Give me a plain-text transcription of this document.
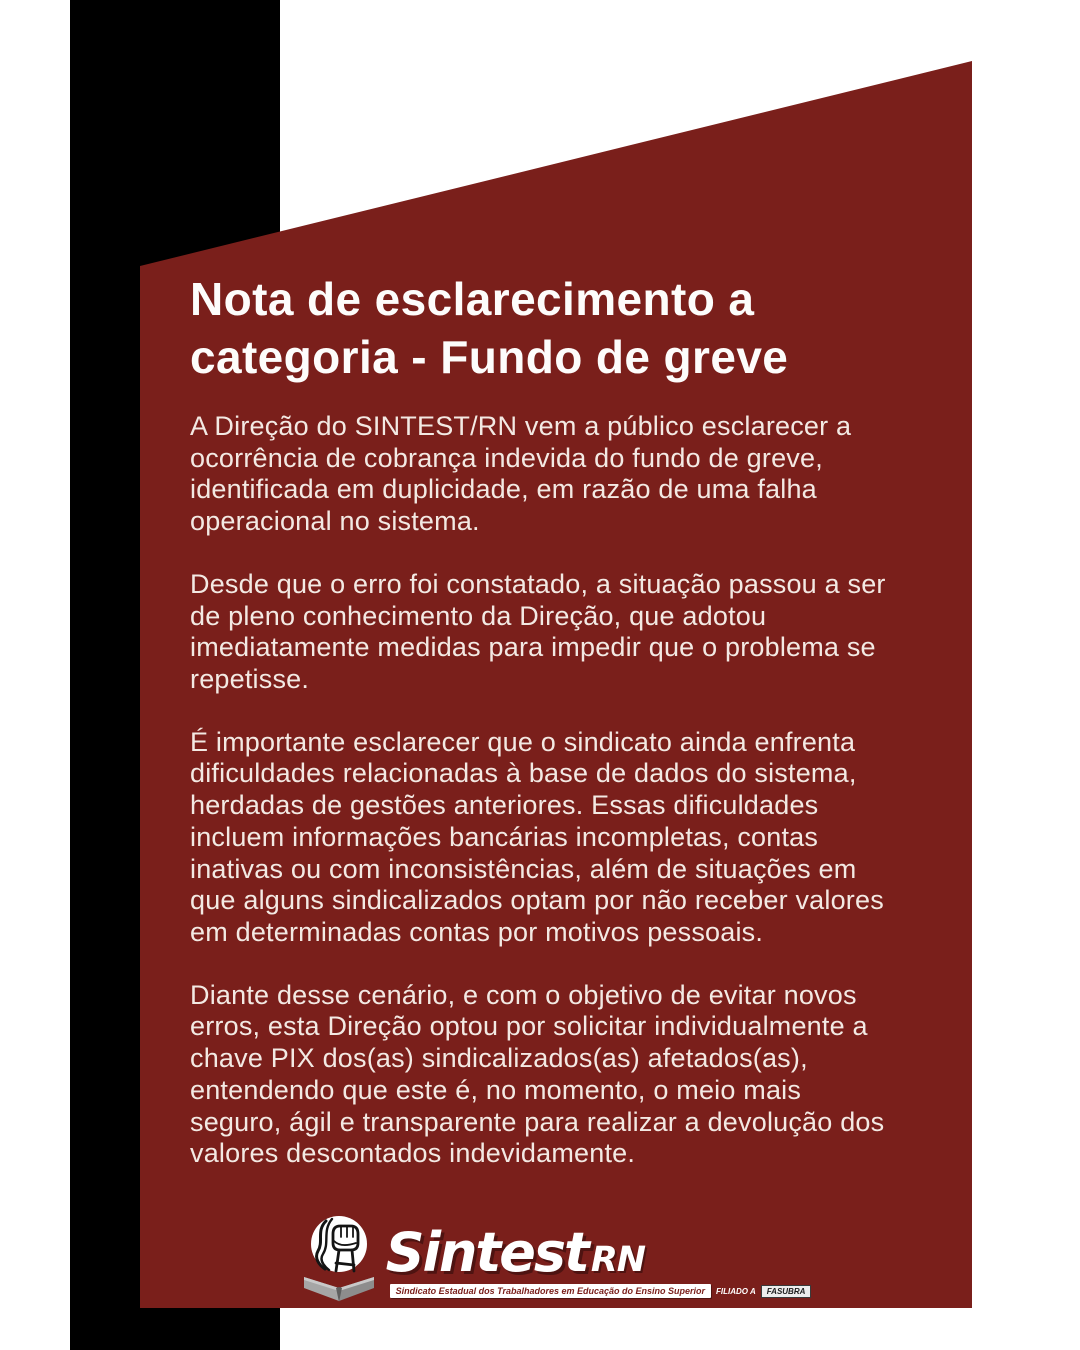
Nota de esclarecimento a
categoria - Fundo de greve

A Direção do SINTEST/RN vem a público esclarecer a ocorrência de cobrança indevida do fundo de greve, identificada em duplicidade, em razão de uma falha operacional no sistema.

Desde que o erro foi constatado, a situação passou a ser de pleno conhecimento da Direção, que adotou imediatamente medidas para impedir que o problema se repetisse.

É importante esclarecer que o sindicato ainda enfrenta dificuldades relacionadas à base de dados do sistema, herdadas de gestões anteriores. Essas dificuldades incluem informações bancárias incompletas, contas inativas ou com inconsistências, além de situações em que alguns sindicalizados optam por não receber valores em determinadas contas por motivos pessoais.

Diante desse cenário, e com o objetivo de evitar novos erros, esta Direção optou por solicitar individualmente a chave PIX dos(as) sindicalizados(as) afetados(as), entendendo que este é, no momento, o meio mais seguro, ágil e transparente para realizar a devolução dos valores descontados indevidamente.

Sintest RN
Sindicato Estadual dos Trabalhadores em Educação do Ensino Superior	FILIADO A	FASUBRA
